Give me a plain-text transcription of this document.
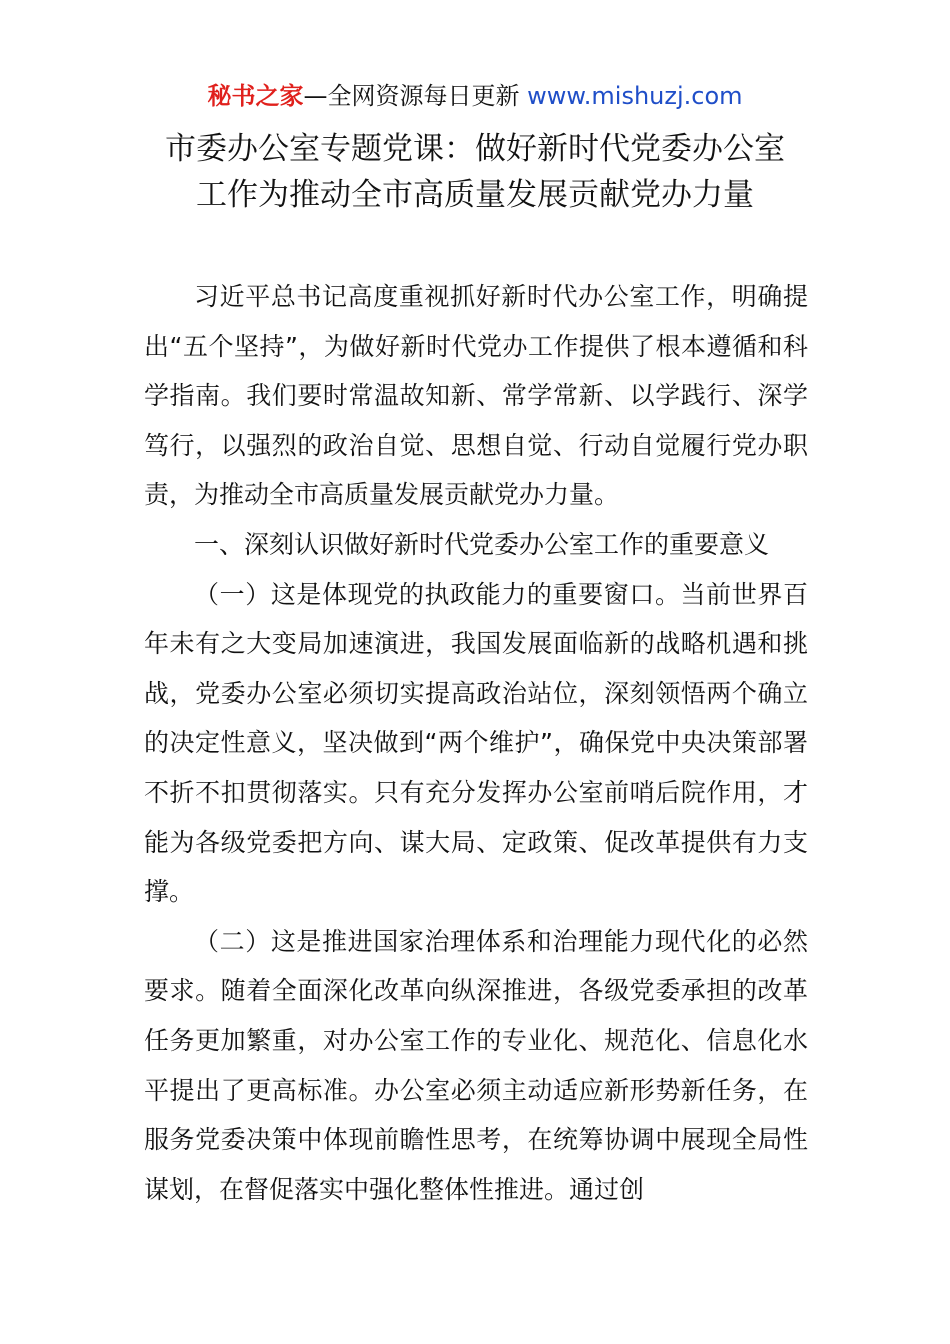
秘书之家—全网资源每日更新 www.mishuzj.com
市委办公室专题党课：做好新时代党委办公室
工作为推动全市高质量发展贡献党办力量

习近平总书记高度重视抓好新时代办公室工作，明确提出“五个坚持”，为做好新时代党办工作提供了根本遵循和科学指南。我们要时常温故知新、常学常新、以学践行、深学笃行，以强烈的政治自觉、思想自觉、行动自觉履行党办职责，为推动全市高质量发展贡献党办力量。

一、深刻认识做好新时代党委办公室工作的重要意义

（一）这是体现党的执政能力的重要窗口。当前世界百年未有之大变局加速演进，我国发展面临新的战略机遇和挑战，党委办公室必须切实提高政治站位，深刻领悟两个确立的决定性意义，坚决做到“两个维护”，确保党中央决策部署不折不扣贯彻落实。只有充分发挥办公室前哨后院作用，才能为各级党委把方向、谋大局、定政策、促改革提供有力支撑。

（二）这是推进国家治理体系和治理能力现代化的必然要求。随着全面深化改革向纵深推进，各级党委承担的改革任务更加繁重，对办公室工作的专业化、规范化、信息化水平提出了更高标准。办公室必须主动适应新形势新任务，在服务党委决策中体现前瞻性思考，在统筹协调中展现全局性谋划，在督促落实中强化整体性推进。通过创
